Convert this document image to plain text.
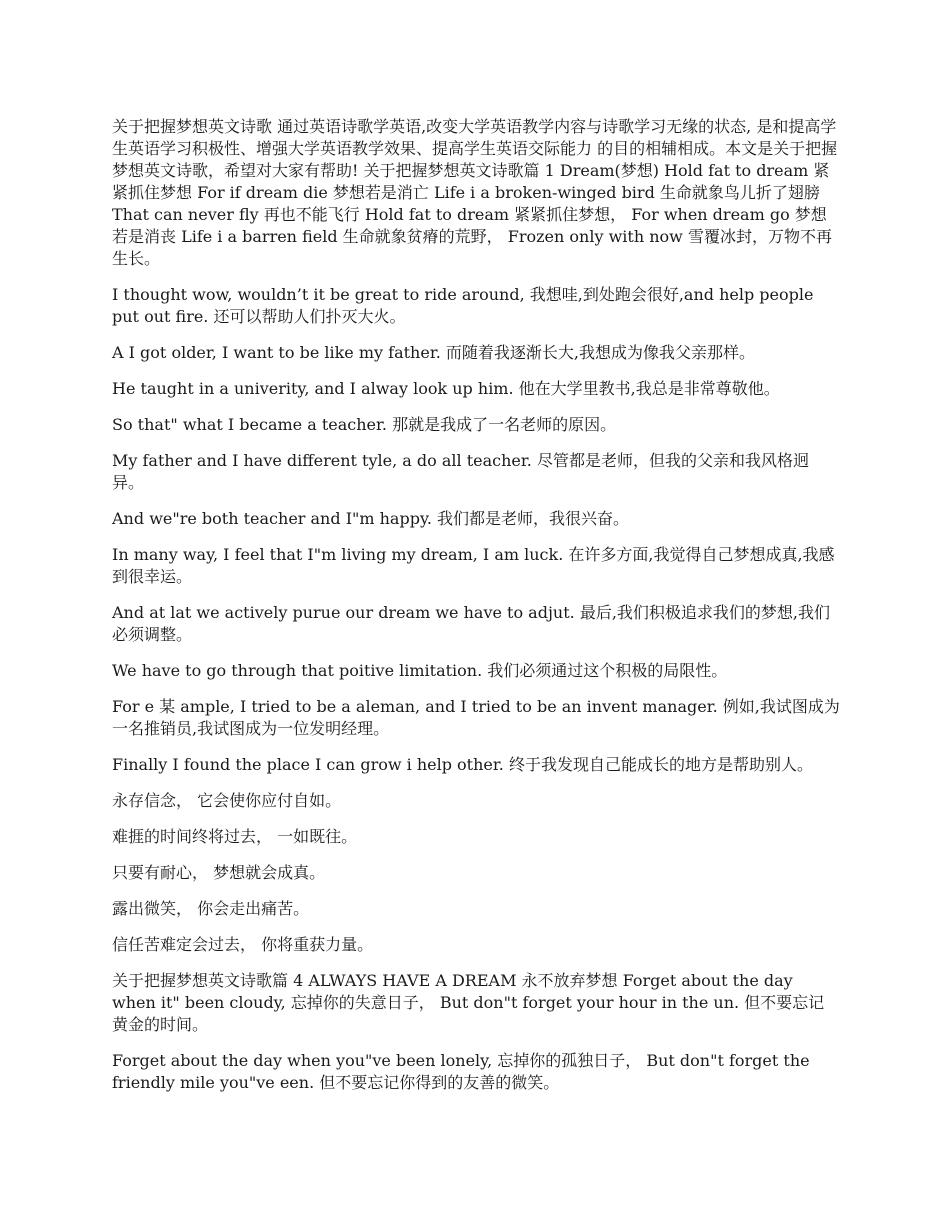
关于把握梦想英文诗歌 通过英语诗歌学英语,改变大学英语教学内容与诗歌学习无缘的状态, 是和提高学生英语学习积极性、增强大学英语教学效果、提高学生英语交际能力 的目的相辅相成。本文是关于把握梦想英文诗歌，希望对大家有帮助! 关于把握梦想英文诗歌篇 1 Dream(梦想) Hold fat to dream 紧紧抓住梦想 For if dream die 梦想若是消亡 Life i a broken-winged bird 生命就象鸟儿折了翅膀 That can never fly 再也不能飞行 Hold fat to dream 紧紧抓住梦想， For when dream go 梦想若是消丧 Life i a barren field 生命就象贫瘠的荒野， Frozen only with now 雪覆冰封，万物不再生长。

I thought wow, wouldn’t it be great to ride around, 我想哇,到处跑会很好,and help people put out fire. 还可以帮助人们扑灭大火。

A I got older, I want to be like my father. 而随着我逐渐长大,我想成为像我父亲那样。

He taught in a univerity, and I alway look up him. 他在大学里教书,我总是非常尊敬他。

So that" what I became a teacher. 那就是我成了一名老师的原因。

My father and I have different tyle, a do all teacher. 尽管都是老师，但我的父亲和我风格迥异。

And we"re both teacher and I"m happy. 我们都是老师，我很兴奋。

In many way, I feel that I"m living my dream, I am luck. 在许多方面,我觉得自己梦想成真,我感到很幸运。

And at lat we actively purue our dream we have to adjut. 最后,我们积极追求我们的梦想,我们必须调整。

We have to go through that poitive limitation. 我们必须通过这个积极的局限性。

For e 某 ample, I tried to be a aleman, and I tried to be an invent manager. 例如,我试图成为一名推销员,我试图成为一位发明经理。

Finally I found the place I can grow i help other. 终于我发现自己能成长的地方是帮助别人。

永存信念， 它会使你应付自如。

难捱的时间终将过去， 一如既往。

只要有耐心， 梦想就会成真。

露出微笑， 你会走出痛苦。

信任苦难定会过去， 你将重获力量。

关于把握梦想英文诗歌篇 4 ALWAYS HAVE A DREAM 永不放弃梦想 Forget about the day when it" been cloudy, 忘掉你的失意日子， But don"t forget your hour in the un. 但不要忘记黄金的时间。

Forget about the day when you"ve been lonely, 忘掉你的孤独日子， But don"t forget the friendly mile you"ve een. 但不要忘记你得到的友善的微笑。
